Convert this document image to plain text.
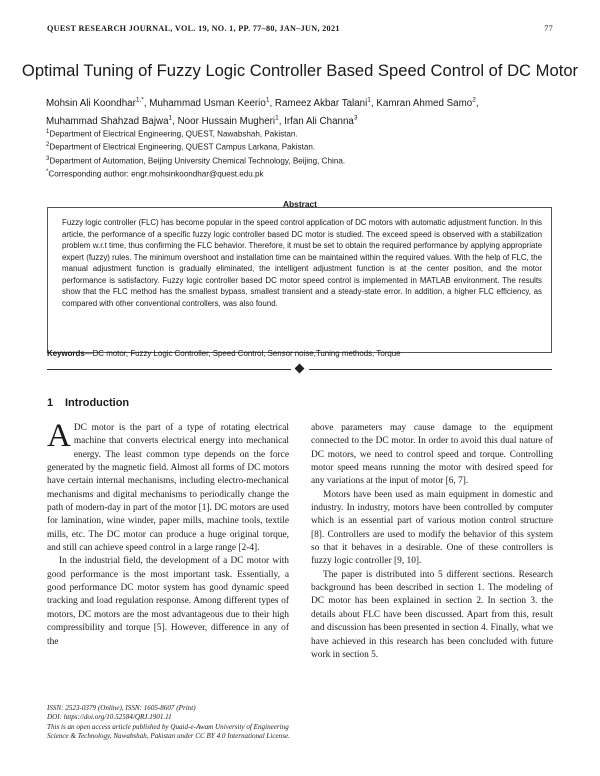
QUEST RESEARCH JOURNAL, VOL. 19, NO. 1, PP. 77–80, JAN–JUN, 2021	77
Optimal Tuning of Fuzzy Logic Controller Based Speed Control of DC Motor
Mohsin Ali Koondhar$^{1,*}$, Muhammad Usman Keerio$^1$, Rameez Akbar Talani$^1$, Kamran Ahmed Samo$^2$,
Muhammad Shahzad Bajwa$^1$, Noor Hussain Mugheri$^1$, Irfan Ali Channa$^3$
$^1$Department of Electrical Engineering, QUEST, Nawabshah, Pakistan.
$^2$Department of Electrical Engineering, QUEST Campus Larkana, Pakistan.
$^3$Department of Automation, Beijing University Chemical Technology, Beijing, China.
*Corresponding author: engr.mohsinkoondhar@quest.edu.pk
Abstract
Fuzzy logic controller (FLC) has become popular in the speed control application of DC motors with automatic adjustment function. In this article, the performance of a specific fuzzy logic controller based DC motor is studied. The exceed speed is observed with a stabilization problem w.r.t time, thus confirming the FLC behavior. Therefore, it must be set to obtain the required performance by applying appropriate expert (fuzzy) rules. The minimum overshoot and installation time can be maintained within the required values. With the help of FLC, the manual adjustment function is gradually eliminated, the intelligent adjustment function is at the center position, and the motor performance is satisfactory. Fuzzy logic controller based DC motor speed control is implemented in MATLAB environment. The results show that the FLC method has the smallest bypass, smallest transient and a steady-state error. In addition, a higher FLC efficiency, as compared with other conventional controllers, was also found.
Keywords—DC motor, Fuzzy Logic Controller, Speed Control, Sensor noise,Tuning methods, Torque
1 Introduction

ADC motor is the part of a type of rotating electrical machine that converts electrical energy into mechanical energy. The least common type depends on the force generated by the magnetic field. Almost all forms of DC motors have certain internal mechanisms, including electro-mechanical mechanisms and digital mechanisms to periodically change the path of modern-day in part of the motor [1]. DC motors are used for lamination, wine winder, paper mills, machine tools, textile mills, etc. The DC motor can produce a huge original torque, and still can achieve speed control in a large range [2-4].

In the industrial field, the development of a DC motor with good performance is the most important task. Essentially, a good performance DC motor system has good dynamic speed tracking and load regulation response. Among different types of motors, DC motors are the most advantageous due to their high compressibility and torque [5]. However, difference in any of the

above parameters may cause damage to the equipment connected to the DC motor. In order to avoid this dual nature of DC motors, we need to control speed and torque. Controlling motor speed means running the motor with desired speed for any variations at the input of motor [6, 7].

Motors have been used as main equipment in domestic and industry. In industry, motors have been controlled by computer which is an essential part of various motion control structure [8]. Controllers are used to modify the behavior of this system so that it behaves in a desirable. One of these controllers is fuzzy logic controller [9, 10].

The paper is distributed into 5 different sections. Research background has been described in section 1. The modeling of DC motor has been explained in section 2. In section 3. the details about FLC have been discussed. Apart from this, result and discussion has been presented in section 4. Finally, what we have achieved in this research has been concluded with future work in section 5.

ISSN: 2523-0379 (Online), ISSN: 1605-8607 (Print)
DOI: https://doi.org/10.52584/QRJ.1901.11
This is an open access article published by Quaid-e-Awam University of Engineering Science & Technology, Nawabshah, Pakistan under CC BY 4.0 International License.
